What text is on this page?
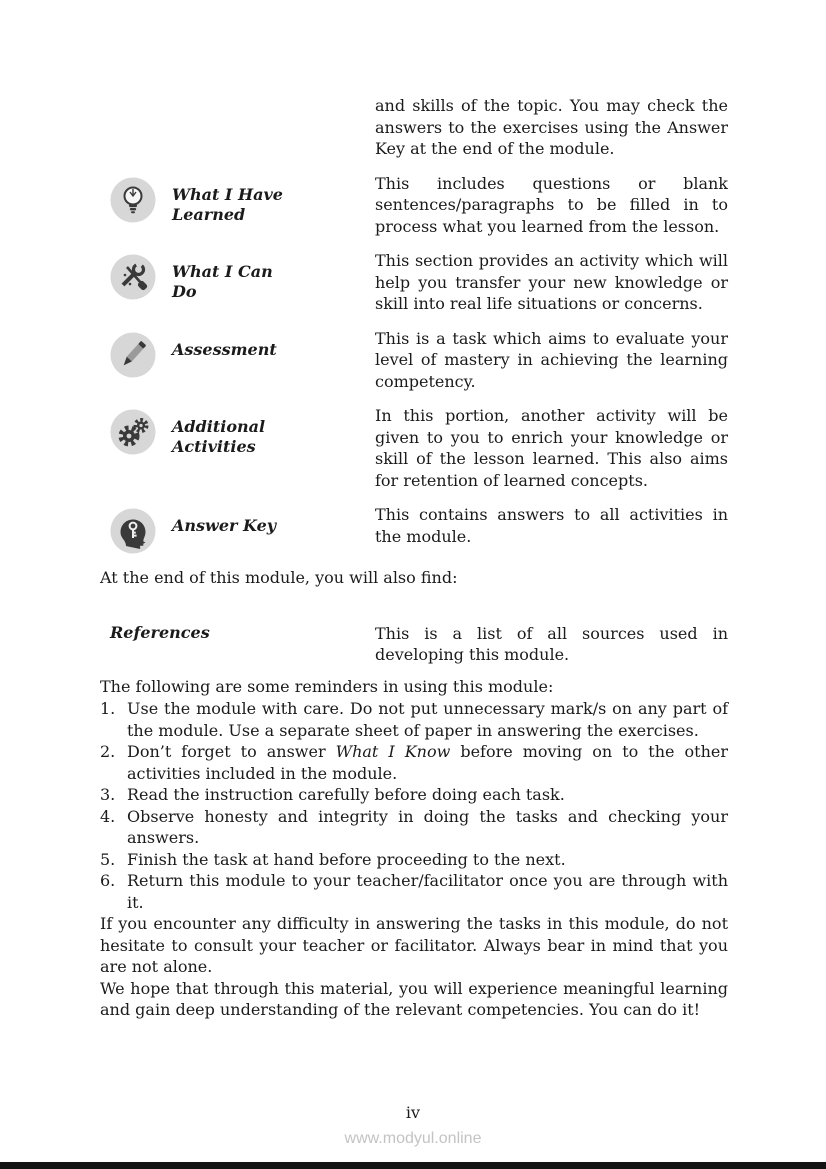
and skills of the topic. You may check the answers to the exercises using the Answer Key at the end of the module.

What I Have Learned

This includes questions or blank sentences/paragraphs to be filled in to process what you learned from the lesson.

What I Can Do

This section provides an activity which will help you transfer your new knowledge or skill into real life situations or concerns.

Assessment

This is a task which aims to evaluate your level of mastery in achieving the learning competency.

Additional Activities

In this portion, another activity will be given to you to enrich your knowledge or skill of the lesson learned. This also aims for retention of learned concepts.

Answer Key

This contains answers to all activities in the module.

At the end of this module, you will also find:

References	This is a list of all sources used in developing this module.

The following are some reminders in using this module:

1. Use the module with care. Do not put unnecessary mark/s on any part of the module. Use a separate sheet of paper in answering the exercises.
2. Don’t forget to answer What I Know before moving on to the other activities included in the module.
3. Read the instruction carefully before doing each task.
4. Observe honesty and integrity in doing the tasks and checking your answers.
5. Finish the task at hand before proceeding to the next.
6. Return this module to your teacher/facilitator once you are through with it.

If you encounter any difficulty in answering the tasks in this module, do not hesitate to consult your teacher or facilitator. Always bear in mind that you are not alone.

We hope that through this material, you will experience meaningful learning and gain deep understanding of the relevant competencies. You can do it!

iv
www.modyul.online
